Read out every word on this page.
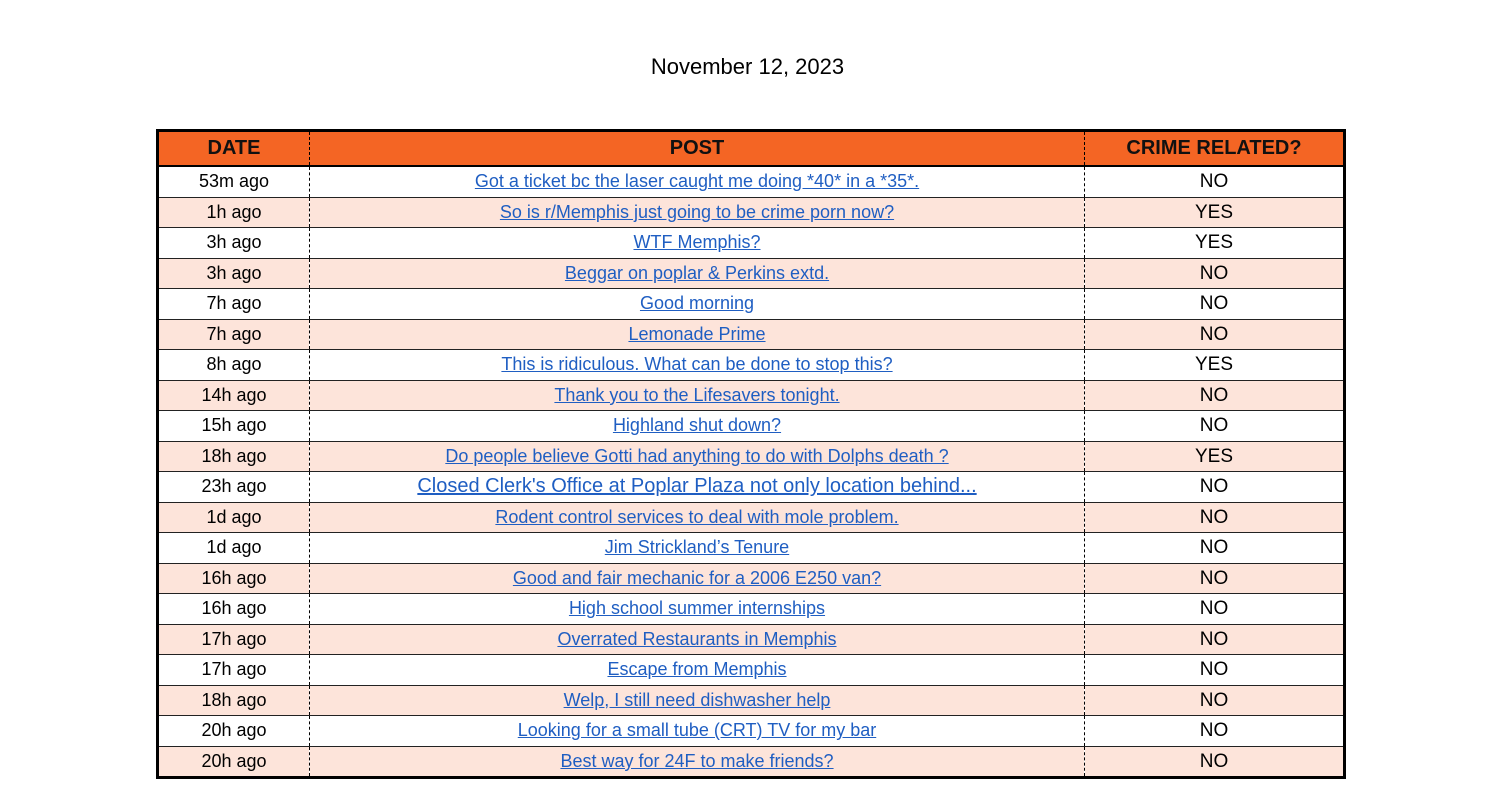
November 12, 2023
DATE	POST	CRIME RELATED?
53m ago	Got a ticket bc the laser caught me doing *40* in a *35*.	NO
1h ago	So is r/Memphis just going to be crime porn now?	YES
3h ago	WTF Memphis?	YES
3h ago	Beggar on poplar & Perkins extd.	NO
7h ago	Good morning	NO
7h ago	Lemonade Prime	NO
8h ago	This is ridiculous. What can be done to stop this?	YES
14h ago	Thank you to the Lifesavers tonight.	NO
15h ago	Highland shut down?	NO
18h ago	Do people believe Gotti had anything to do with Dolphs death ?	YES
23h ago	Closed Clerk's Office at Poplar Plaza not only location behind...	NO
1d ago	Rodent control services to deal with mole problem.	NO
1d ago	Jim Strickland’s Tenure	NO
16h ago	Good and fair mechanic for a 2006 E250 van?	NO
16h ago	High school summer internships	NO
17h ago	Overrated Restaurants in Memphis	NO
17h ago	Escape from Memphis	NO
18h ago	Welp, I still need dishwasher help	NO
20h ago	Looking for a small tube (CRT) TV for my bar	NO
20h ago	Best way for 24F to make friends?	NO
